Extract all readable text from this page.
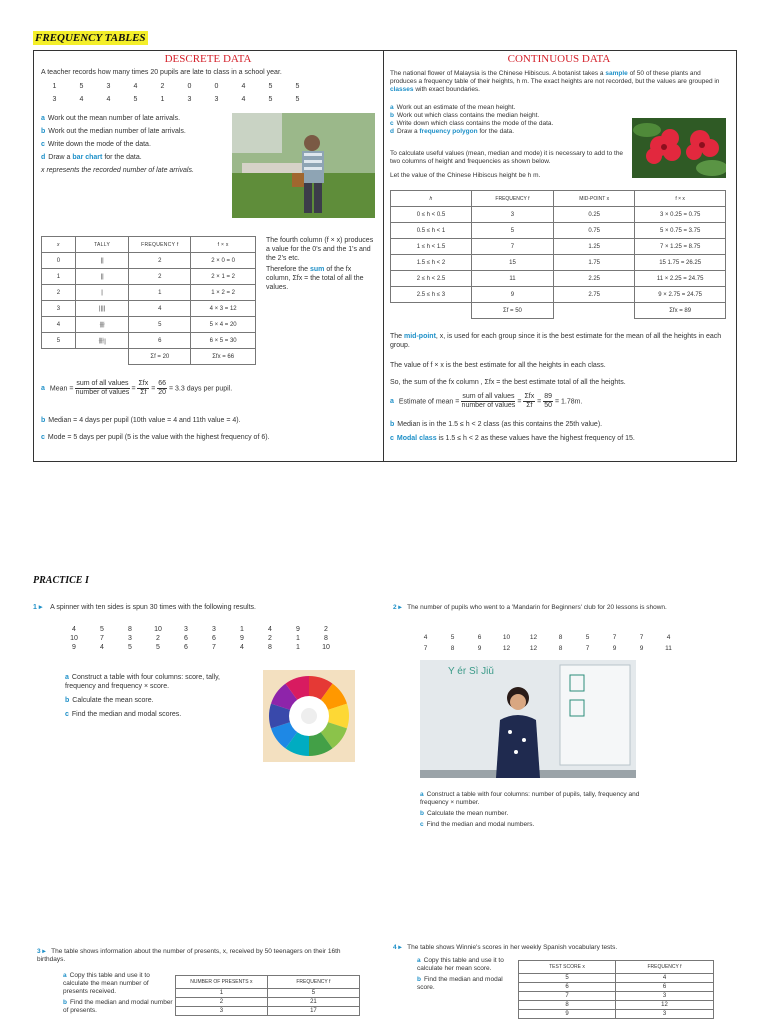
FREQUENCY TABLES
DESCRETE DATA
A teacher records how many times 20 pupils are late to class in a school year.
1	5	3	4	2	0	0	4	5	5
3	4	4	5	1	3	3	4	5	5
a Work out the mean number of late arrivals.
b Work out the median number of late arrivals.
c Write down the mode of the data.
d Draw a bar chart for the data.
x represents the recorded number of late arrivals.
x	TALLY	FREQUENCY f	f × x
0	||	2	2 × 0 = 0
1	||	2	2 × 1 = 2
2	|	1	1 × 2 = 2
3	||||	4	4 × 3 = 12
4	卌	5	5 × 4 = 20
5	卌|	6	6 × 5 = 30
		Σf = 20	Σfx = 66
The fourth column (f × x) produces a value for the 0's and the 1's and the 2's etc.
Therefore the sum of the fx column, Σfx = the total of all the values.
a Mean = $\frac{\text{sum of all values}}{\text{number of values}} = \frac{\text{Σfx}}{\Sigma f} = \frac{66}{20} = 3.3$ days per pupil.
b Median = 4 days per pupil (10th value = 4 and 11th value = 4).
c Mode = 5 days per pupil (5 is the value with the highest frequency of 6).
CONTINUOUS DATA
The national flower of Malaysia is the Chinese Hibiscus. A botanist takes a sample of 50 of these plants and produces a frequency table of their heights, h m. The exact heights are not recorded, but the values are grouped in classes with exact boundaries.
a Work out an estimate of the mean height.
b Work out which class contains the median height.
c Write down which class contains the mode of the data.
d Draw a frequency polygon for the data.
To calculate useful values (mean, median and mode) it is necessary to add to the two columns of height and frequencies as shown below.
Let the value of the Chinese Hibiscus height be h m.
h	FREQUENCY f	MID-POINT x	f × x
0 ≤ h < 0.5	3	0.25	3 × 0.25 = 0.75
0.5 ≤ h < 1	5	0.75	5 × 0.75 = 3.75
1 ≤ h < 1.5	7	1.25	7 × 1.25 = 8.75
1.5 ≤ h < 2	15	1.75	15 1.75 = 26.25
2 ≤ h < 2.5	11	2.25	11 × 2.25 = 24.75
2.5 ≤ h ≤ 3	9	2.75	9 × 2.75 = 24.75
	Σf = 50		Σfx = 89
The mid-point, x, is used for each group since it is the best estimate for the mean of all the heights in each group.
The value of f × x is the best estimate for all the heights in each class.
So, the sum of the fx column , Σfx = the best estimate total of all the heights.
a Estimate of mean = $\frac{\text{sum of all values}}{\text{number of values}} = \frac{\text{Σfx}}{\Sigma f} = \frac{89}{50} = 1.78m$.
b Median is in the 1.5 ≤ h < 2 class (as this contains the 25th value).
c Modal class is 1.5 ≤ h < 2 as these values have the highest frequency of 15.
PRACTICE I
1 ▸ A spinner with ten sides is spun 30 times with the following results.
4	5	8	10	3	3	1	4	9	2
10	7	3	2	6	6	9	2	1	8
9	4	5	5	6	7	4	8	1	10
a Construct a table with four columns: score, tally, frequency and frequency × score.
b Calculate the mean score.
c Find the median and modal scores.
2 ▸ The number of pupils who went to a 'Mandarin for Beginners' club for 20 lessons is shown.
4	5	6	10	12	8	5	7	7	4
7	8	9	12	12	8	7	9	9	11
Y ér Sì Jiǔ
a Construct a table with four columns: number of pupils, tally, frequency and frequency × number.
b Calculate the mean number.
c Find the median and modal numbers.
3 ▸ The table shows information about the number of presents, x, received by 50 teenagers on their 16th birthdays.
a Copy this table and use it to calculate the mean number of presents received.
b Find the median and modal number of presents.
NUMBER OF PRESENTS x	FREQUENCY f
1	5
2	21
3	17
4 ▸ The table shows Winnie's scores in her weekly Spanish vocabulary tests.
a Copy this table and use it to calculate her mean score.
b Find the median and modal score.
TEST SCORE x	FREQUENCY f
5	4
6	6
7	3
8	12
9	3
